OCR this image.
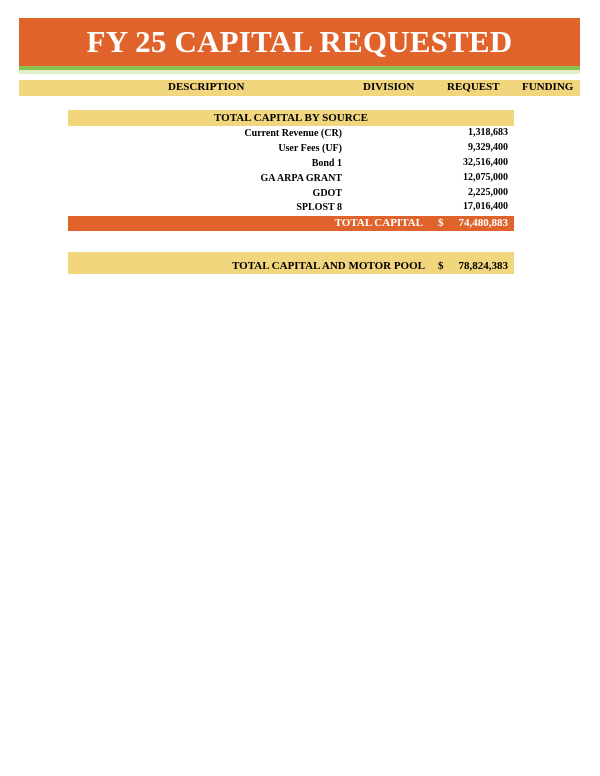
FY 25 CAPITAL REQUESTED
DESCRIPTION	DIVISION	REQUEST FUNDING
TOTAL CAPITAL BY SOURCE
Current Revenue (CR)	1,318,683
User Fees (UF)	9,329,400
Bond 1	32,516,400
GA ARPA GRANT	12,075,000
GDOT	2,225,000
SPLOST 8	17,016,400
TOTAL CAPITAL $ 74,480,883
TOTAL CAPITAL AND MOTOR POOL $ 78,824,383
